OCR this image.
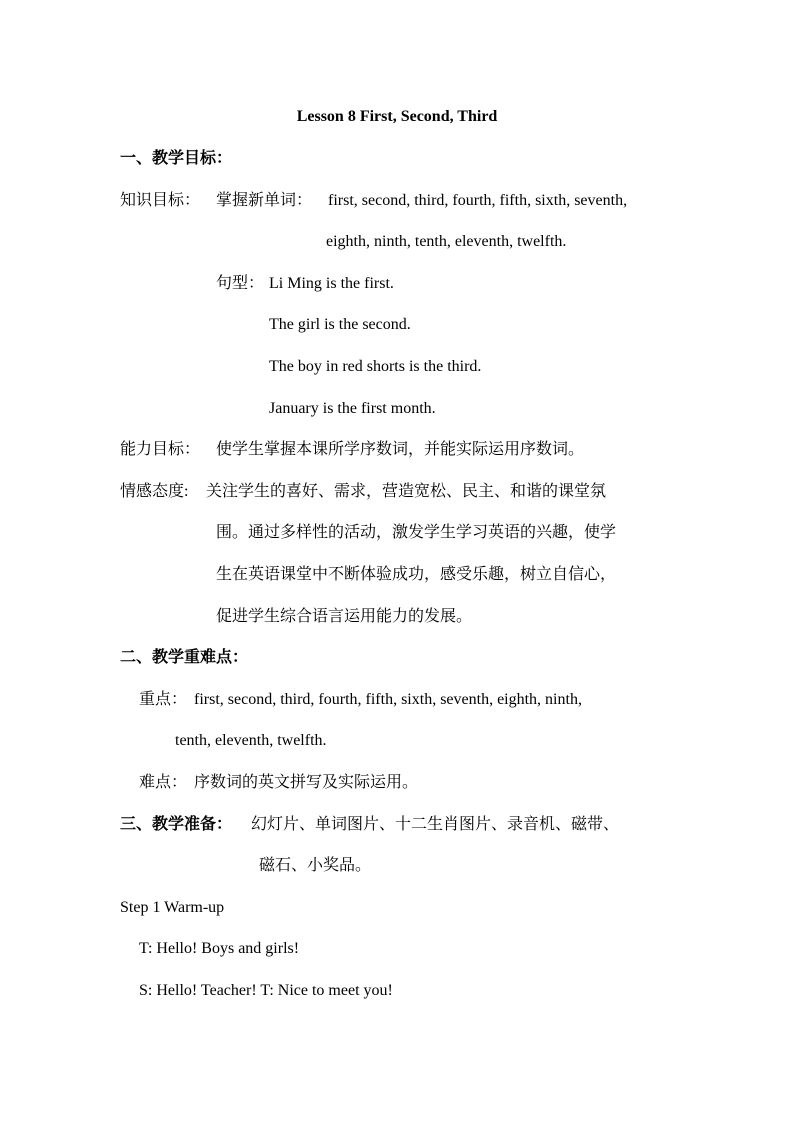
Lesson 8 First, Second, Third
一、教学目标：
知识目标： 掌握新单词： first, second, third, fourth, fifth, sixth, seventh,
eighth, ninth, tenth, eleventh, twelfth.
句型： Li Ming is the first.
The girl is the second.
The boy in red shorts is the third.
January is the first month.
能力目标： 使学生掌握本课所学序数词，并能实际运用序数词。
情感态度: 关注学生的喜好、需求，营造宽松、民主、和谐的课堂氛
围。通过多样性的活动，激发学生学习英语的兴趣，使学
生在英语课堂中不断体验成功，感受乐趣，树立自信心，
促进学生综合语言运用能力的发展。
二、教学重难点：
重点： first, second, third, fourth, fifth, sixth, seventh, eighth, ninth,
tenth, eleventh, twelfth.
难点： 序数词的英文拼写及实际运用。
三、教学准备： 幻灯片、单词图片、十二生肖图片、录音机、磁带、
磁石、小奖品。
Step 1 Warm-up
T: Hello! Boys and girls!
S: Hello! Teacher! T: Nice to meet you!
